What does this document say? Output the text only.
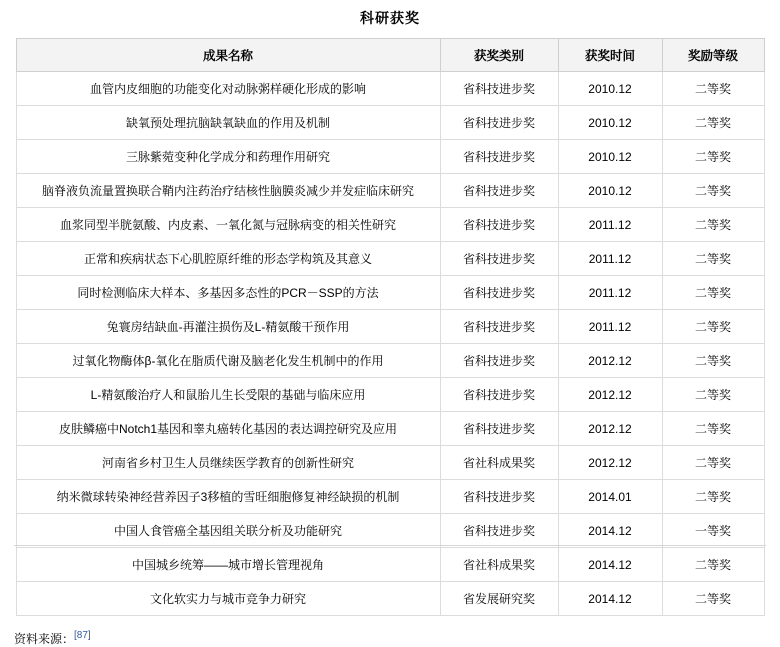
科研获奖
成果名称	获奖类别	获奖时间	奖励等级
血管内皮细胞的功能变化对动脉粥样硬化形成的影响	省科技进步奖	2010.12	二等奖
缺氧预处理抗脑缺氧缺血的作用及机制	省科技进步奖	2010.12	二等奖
三脉紫菀变种化学成分和药理作用研究	省科技进步奖	2010.12	二等奖
脑脊液负流量置换联合鞘内注药治疗结核性脑膜炎减少并发症临床研究	省科技进步奖	2010.12	二等奖
血浆同型半胱氨酸、内皮素、一氧化氮与冠脉病变的相关性研究	省科技进步奖	2011.12	二等奖
正常和疾病状态下心肌腔原纤维的形态学构筑及其意义	省科技进步奖	2011.12	二等奖
同时检测临床大样本、多基因多态性的PCR－SSP的方法	省科技进步奖	2011.12	二等奖
兔寰房结缺血-再灌注损伤及L-精氨酸干预作用	省科技进步奖	2011.12	二等奖
过氧化物酶体β-氧化在脂质代谢及脑老化发生机制中的作用	省科技进步奖	2012.12	二等奖
L-精氨酸治疗人和鼠胎儿生长受限的基础与临床应用	省科技进步奖	2012.12	二等奖
皮肤鳞癌中Notch1基因和睾丸癌转化基因的表达调控研究及应用	省科技进步奖	2012.12	二等奖
河南省乡村卫生人员继续医学教育的创新性研究	省社科成果奖	2012.12	二等奖
纳米微球转染神经营养因子3移植的雪旺细胞修复神经缺损的机制	省科技进步奖	2014.01	二等奖
中国人食管癌全基因组关联分析及功能研究	省科技进步奖	2014.12	一等奖
中国城乡统筹——城市增长管理视角	省社科成果奖	2014.12	二等奖
文化软实力与城市竞争力研究	省发展研究奖	2014.12	二等奖
资料来源：[87]
